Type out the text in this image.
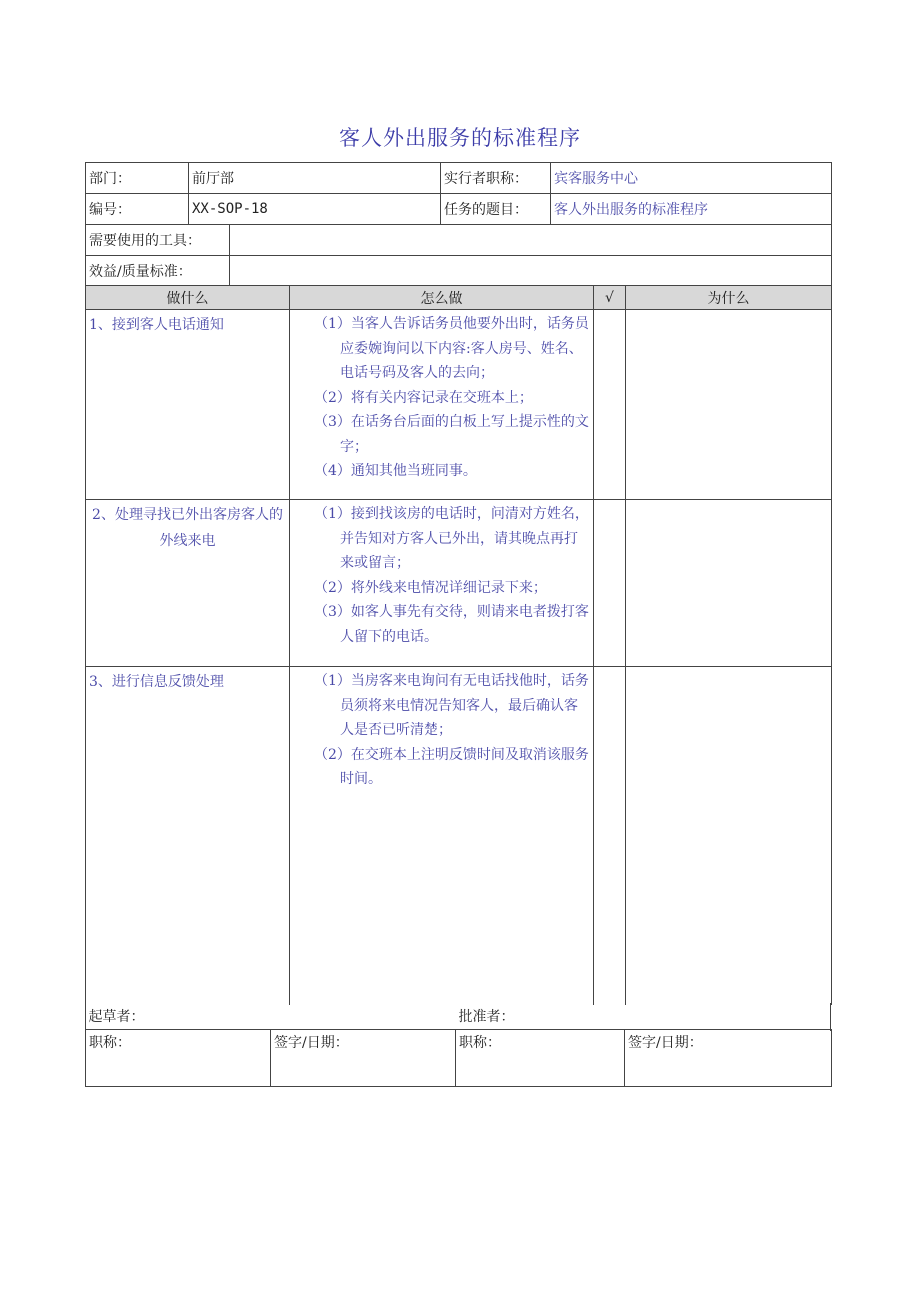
客人外出服务的标准程序
部门：	前厅部		实行者职称：	宾客服务中心
编号：	XX-SOP-18		任务的题目：	客人外出服务的标准程序
需要使用的工具：				
效益/质量标准：				
做什么	怎么做	√	为什么
1、接到客人电话通知	（1）当客人告诉话务员他要外出时，话务员应委婉询问以下内容:客人房号、姓名、电话号码及客人的去向；

（2）将有关内容记录在交班本上；

（3）在话务台后面的白板上写上提示性的文字；

（4）通知其他当班同事。		

2、处理寻找已外出客房客人的外线来电	（1）接到找该房的电话时，问清对方姓名，并告知对方客人已外出，请其晚点再打来或留言；

（2）将外线来电情况详细记录下来；

（3）如客人事先有交待，则请来电者拨打客人留下的电话。		

3、进行信息反馈处理	（1）当房客来电询问有无电话找他时，话务员须将来电情况告知客人，最后确认客人是否已听清楚；

（2）在交班本上注明反馈时间及取消该服务时间。		

起草者：		批准者：	
职称：	签字/日期：	职称：	签字/日期：
